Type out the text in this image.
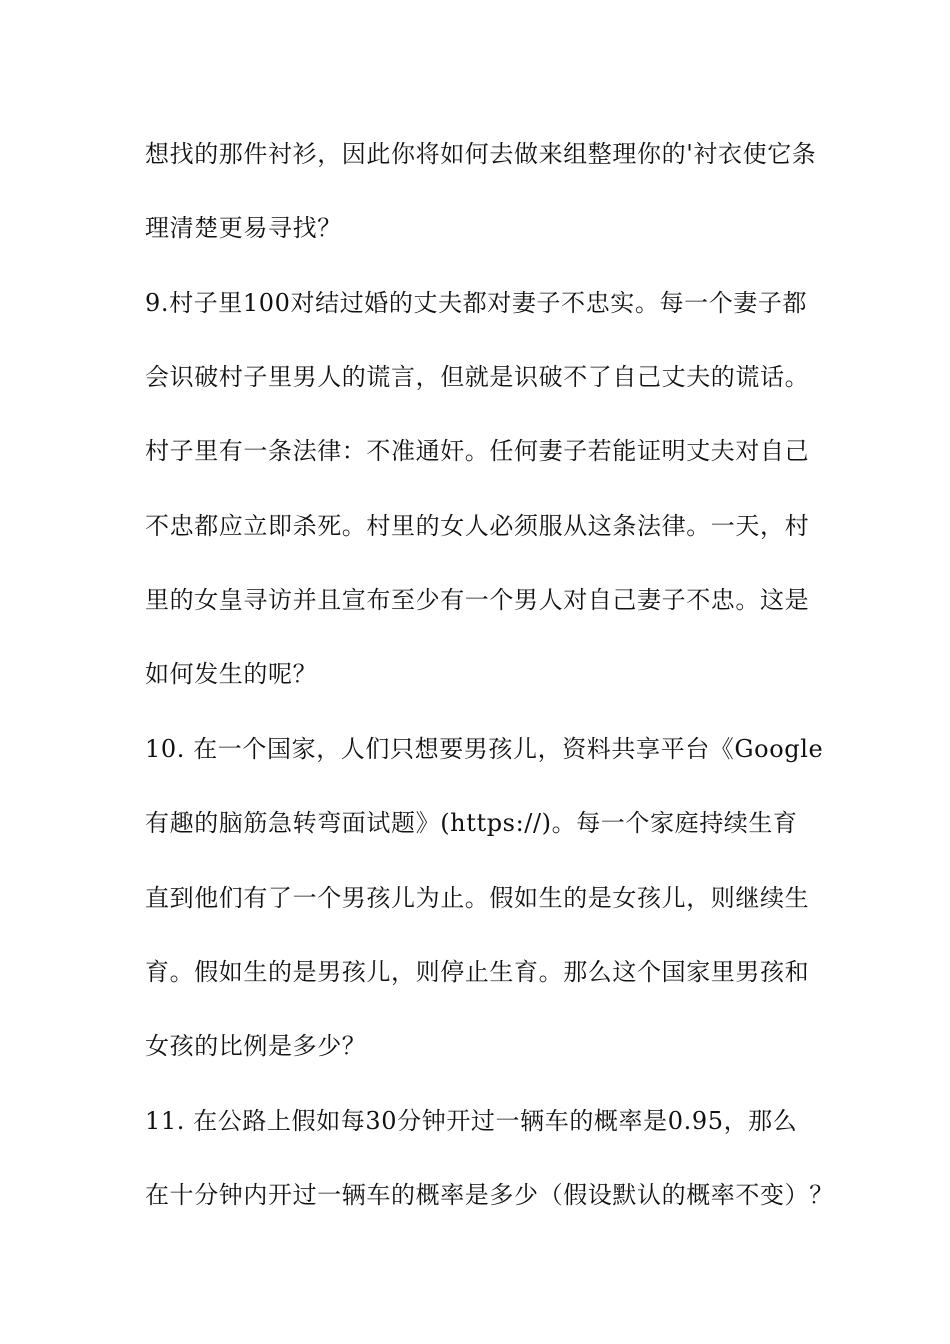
想找的那件衬衫，因此你将如何去做来组整理你的'衬衣使它条
理清楚更易寻找？
9.村子里100对结过婚的丈夫都对妻子不忠实。每一个妻子都
会识破村子里男人的谎言，但就是识破不了自己丈夫的谎话。
村子里有一条法律：不准通奸。任何妻子若能证明丈夫对自己
不忠都应立即杀死。村里的女人必须服从这条法律。一天，村
里的女皇寻访并且宣布至少有一个男人对自己妻子不忠。这是
如何发生的呢？
10. 在一个国家，人们只想要男孩儿，资料共享平台《Google
有趣的脑筋急转弯面试题》(https://)。每一个家庭持续生育
直到他们有了一个男孩儿为止。假如生的是女孩儿，则继续生
育。假如生的是男孩儿，则停止生育。那么这个国家里男孩和
女孩的比例是多少？
11. 在公路上假如每30分钟开过一辆车的概率是0.95，那么
在十分钟内开过一辆车的概率是多少（假设默认的概率不变）？
